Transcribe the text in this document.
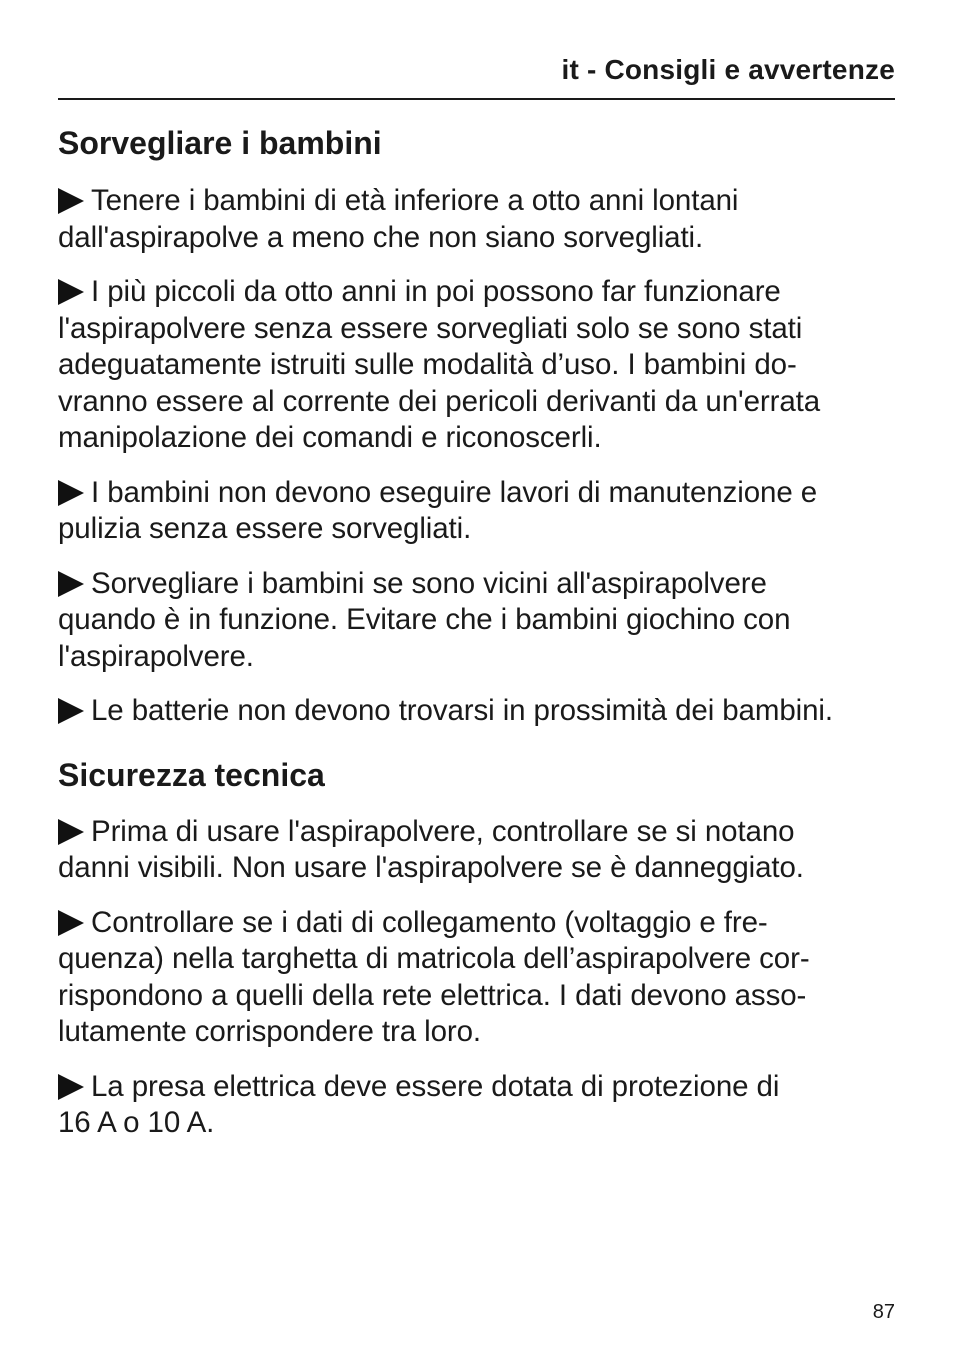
it - Consigli e avvertenze
Sorvegliare i bambini

Tenere i bambini di età inferiore a otto anni lontani
dall'aspirapolve a meno che non siano sorvegliati.

I più piccoli da otto anni in poi possono far funzionare
l'aspirapolvere senza essere sorvegliati solo se sono stati
adeguatamente istruiti sulle modalità d’uso. I bambini do-
vranno essere al corrente dei pericoli derivanti da un'errata
manipolazione dei comandi e riconoscerli.

I bambini non devono eseguire lavori di manutenzione e
pulizia senza essere sorvegliati.

Sorvegliare i bambini se sono vicini all'aspirapolvere
quando è in funzione. Evitare che i bambini giochino con
l'aspirapolvere.

Le batterie non devono trovarsi in prossimità dei bambini.

Sicurezza tecnica

Prima di usare l'aspirapolvere, controllare se si notano
danni visibili. Non usare l'aspirapolvere se è danneggiato.

Controllare se i dati di collegamento (voltaggio e fre-
quenza) nella targhetta di matricola dell’aspirapolvere cor-
rispondono a quelli della rete elettrica. I dati devono asso-
lutamente corrispondere tra loro.

La presa elettrica deve essere dotata di protezione di
16 A o 10 A.

87
